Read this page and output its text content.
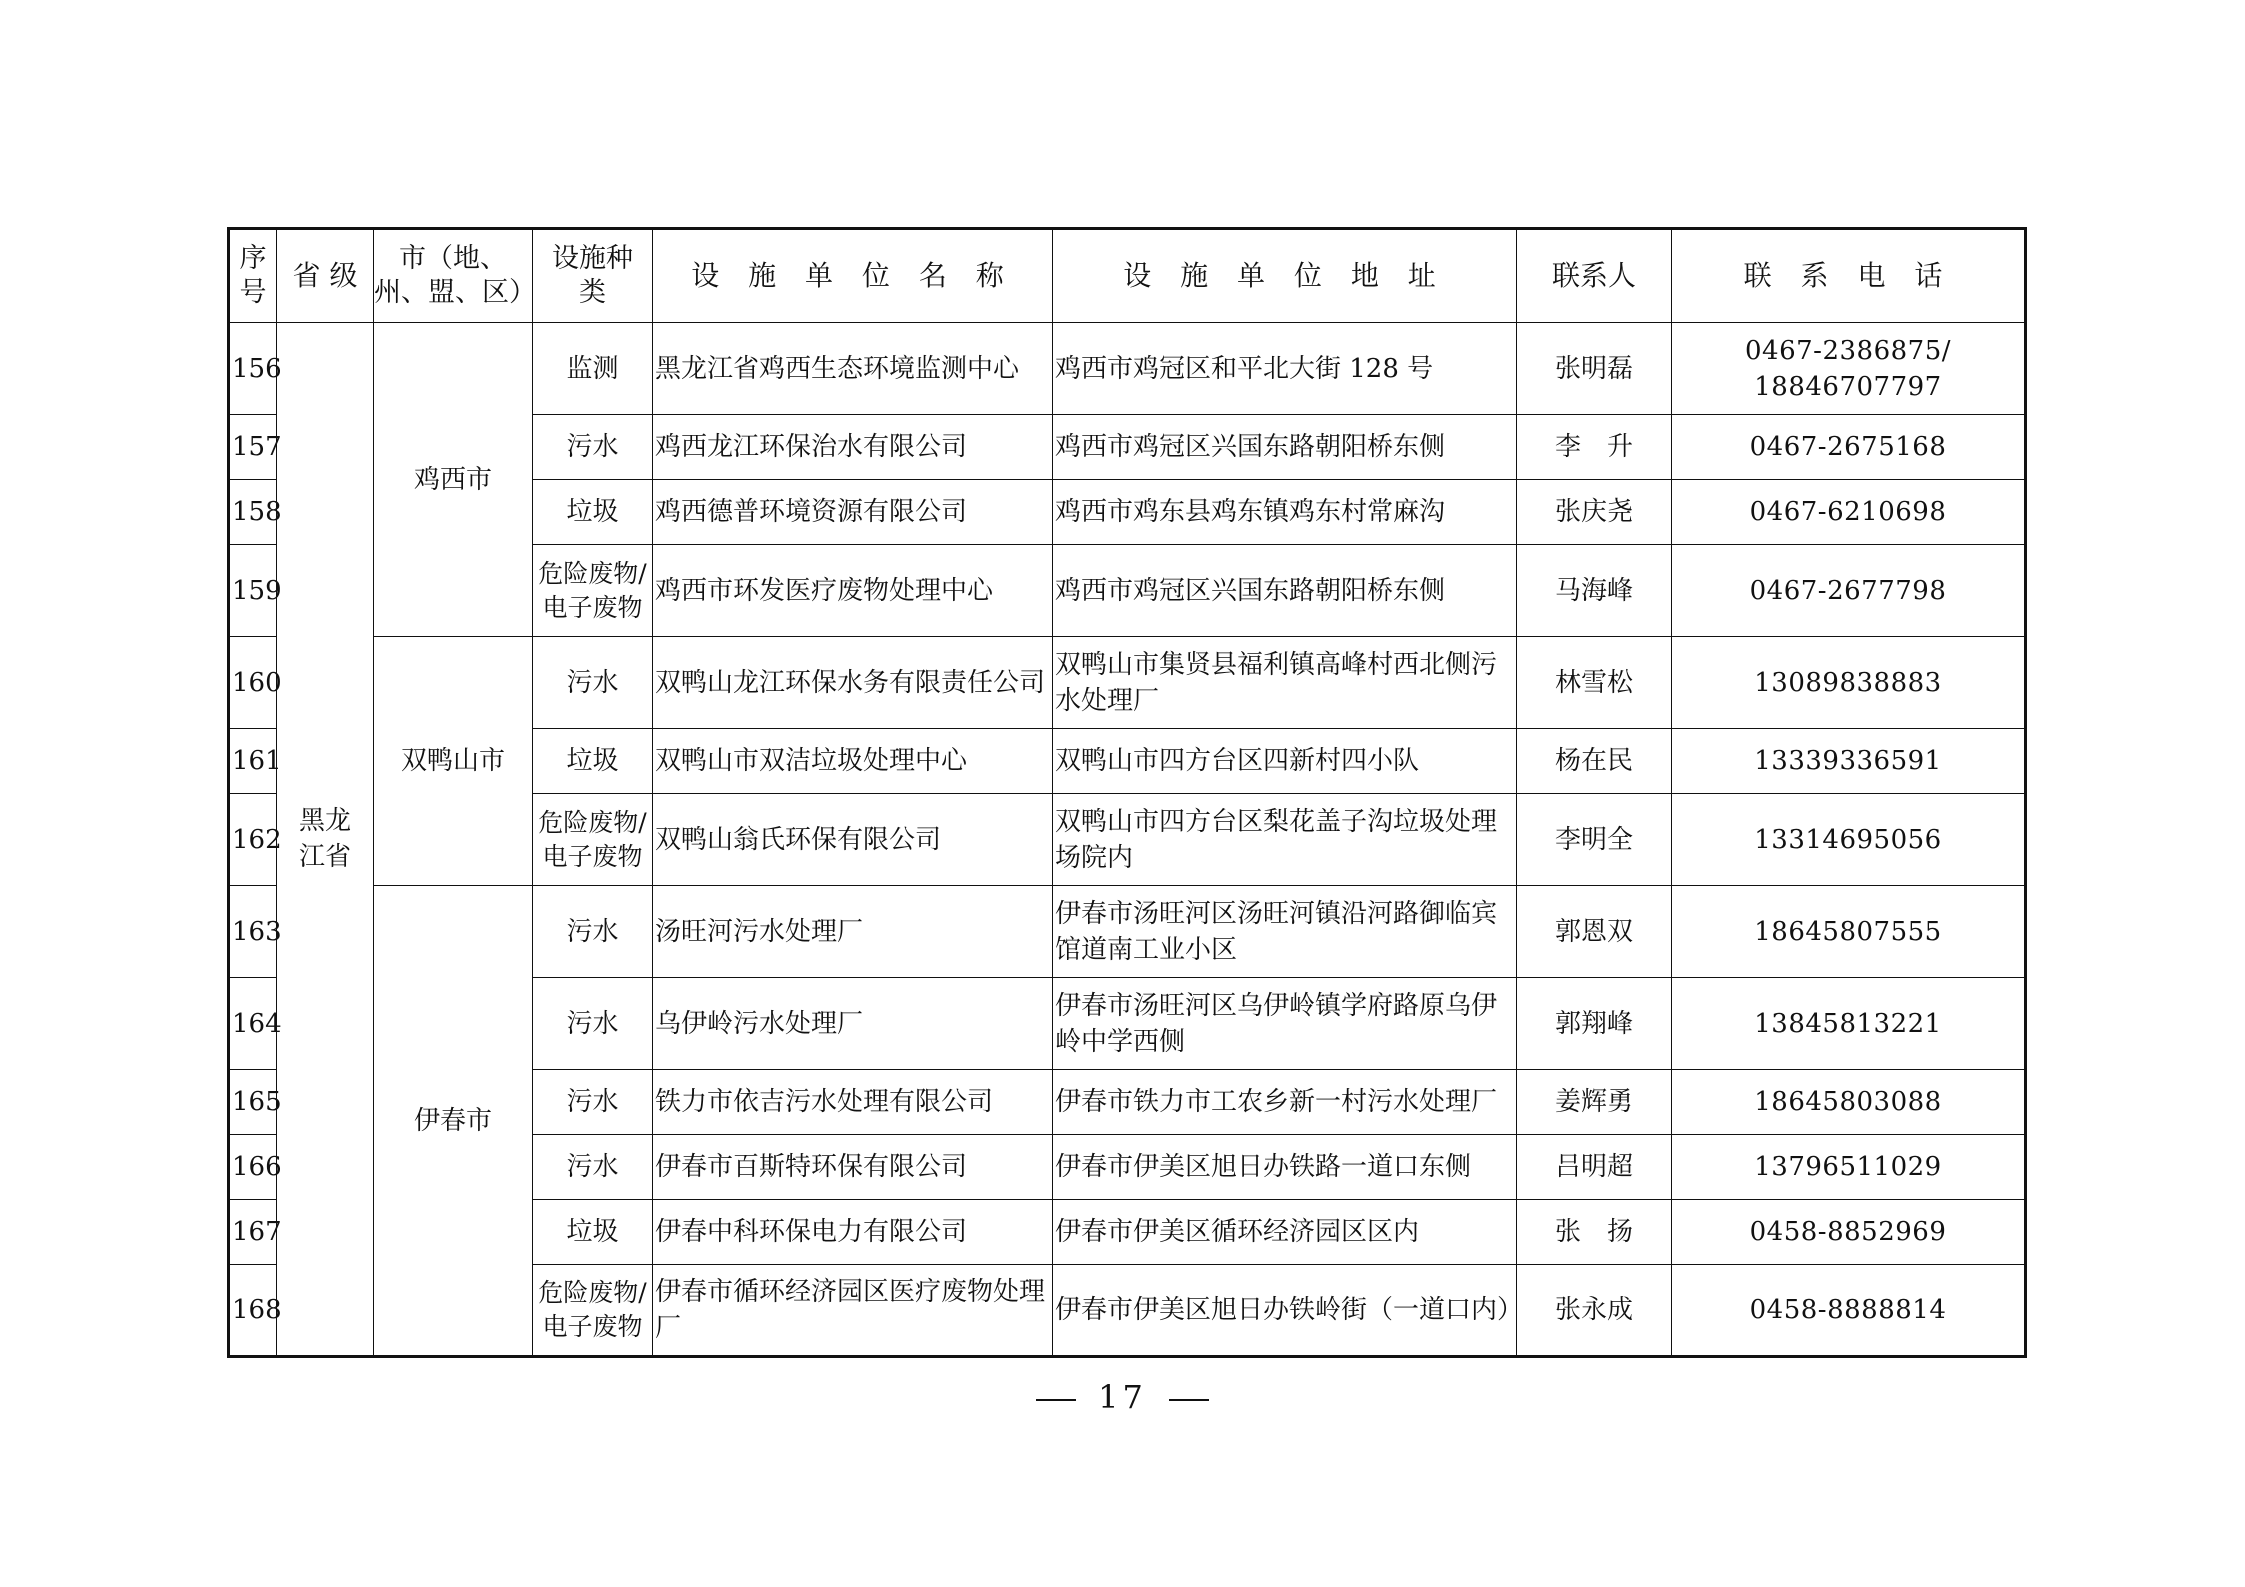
序号	省 级	市（地、州、盟、区）	设施种类	设 施 单 位 名 称	设 施 单 位 地 址	联系人	联 系 电 话
156	黑龙江省	鸡西市	监测	黑龙江省鸡西生态环境监测中心	鸡西市鸡冠区和平北大街 128 号	张明磊	0467-2386875/ 18846707797
157			污水	鸡西龙江环保治水有限公司	鸡西市鸡冠区兴国东路朝阳桥东侧	李　升	0467-2675168
158			垃圾	鸡西德普环境资源有限公司	鸡西市鸡东县鸡东镇鸡东村常麻沟	张庆尧	0467-6210698
159			危险废物/电子废物	鸡西市环发医疗废物处理中心	鸡西市鸡冠区兴国东路朝阳桥东侧	马海峰	0467-2677798
160		双鸭山市	污水	双鸭山龙江环保水务有限责任公司	双鸭山市集贤县福利镇高峰村西北侧污水处理厂	林雪松	13089838883
161			垃圾	双鸭山市双洁垃圾处理中心	双鸭山市四方台区四新村四小队	杨在民	13339336591
162			危险废物/电子废物	双鸭山翁氏环保有限公司	双鸭山市四方台区梨花盖子沟垃圾处理场院内	李明全	13314695056
163		伊春市	污水	汤旺河污水处理厂	伊春市汤旺河区汤旺河镇沿河路御临宾馆道南工业小区	郭恩双	18645807555
164			污水	乌伊岭污水处理厂	伊春市汤旺河区乌伊岭镇学府路原乌伊岭中学西侧	郭翔峰	13845813221
165			污水	铁力市依吉污水处理有限公司	伊春市铁力市工农乡新一村污水处理厂	姜辉勇	18645803088
166			污水	伊春市百斯特环保有限公司	伊春市伊美区旭日办铁路一道口东侧	吕明超	13796511029
167			垃圾	伊春中科环保电力有限公司	伊春市伊美区循环经济园区区内	张　扬	0458-8852969
168			危险废物/电子废物	伊春市循环经济园区医疗废物处理厂	伊春市伊美区旭日办铁岭街（一道口内）	张永成	0458-8888814
17
